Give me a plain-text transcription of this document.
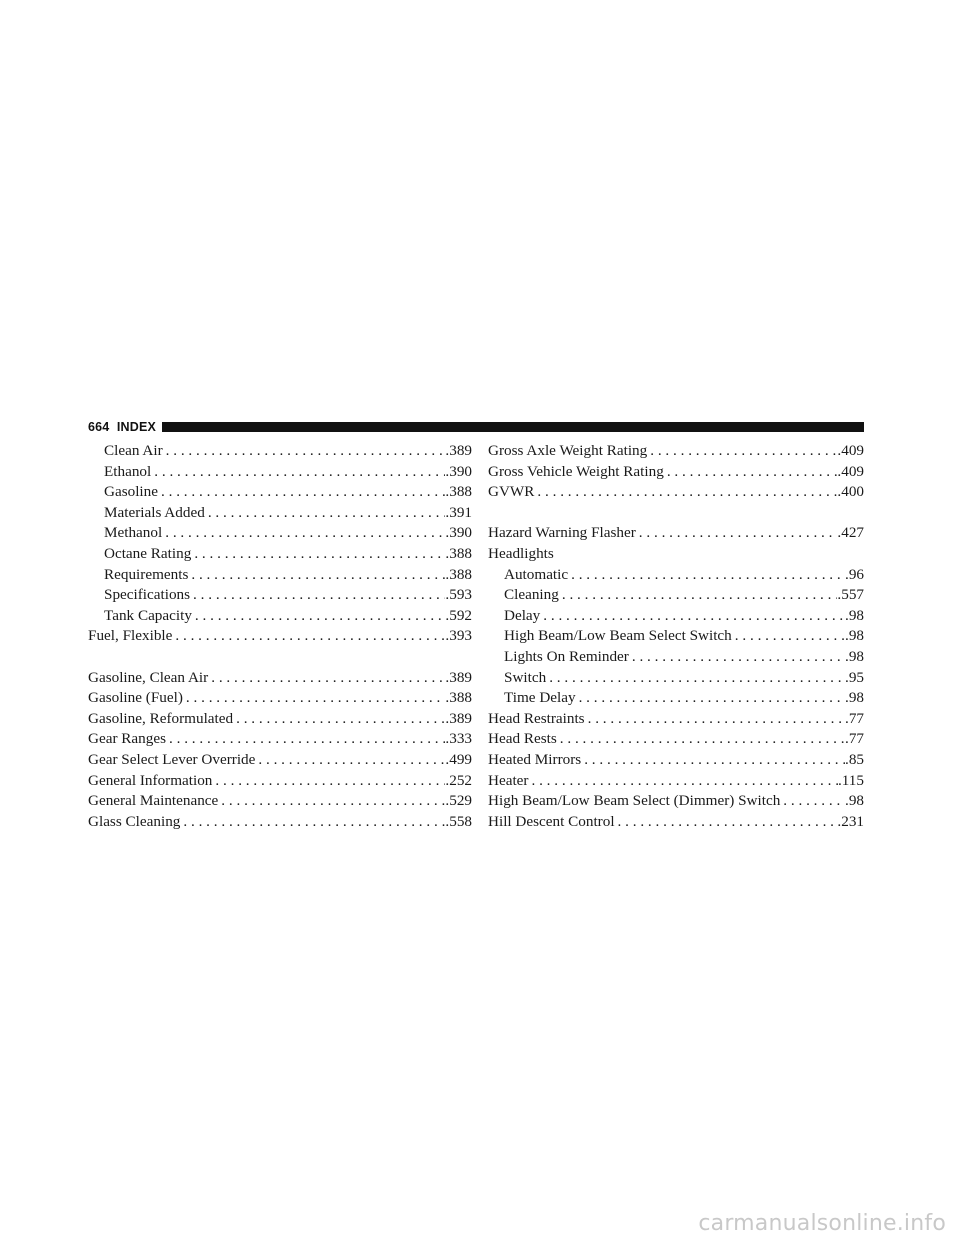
664 INDEX
Clean Air . . .	.389
Ethanol . . .	.390
Gasoline . . .	.388
Materials Added . . .	.391
Methanol . . .	.390
Octane Rating . . .	.388
Requirements . . .	.388
Specifications . . .	.593
Tank Capacity . . .	.592
Fuel, Flexible . . .	.393
Gasoline, Clean Air . . .	.389
Gasoline (Fuel) . . .	.388
Gasoline, Reformulated . . .	.389
Gear Ranges . . .	.333
Gear Select Lever Override . . .	.499
General Information . . .	.252
General Maintenance . . .	.529
Glass Cleaning . . .	.558
Gross Axle Weight Rating . . .	.409
Gross Vehicle Weight Rating . . .	.409
GVWR . . .	.400
Hazard Warning Flasher . . .	.427
Headlights
Automatic . . .	.96
Cleaning . . .	.557
Delay . . .	.98
High Beam/Low Beam Select Switch . . .	.98
Lights On Reminder . . .	.98
Switch . . .	.95
Time Delay . . .	.98
Head Restraints . . .	.77
Head Rests . . .	.77
Heated Mirrors . . .	.85
Heater . . .	.115
High Beam/Low Beam Select (Dimmer) Switch . . .	.98
Hill Descent Control . . .	.231
carmanualsonline.info
